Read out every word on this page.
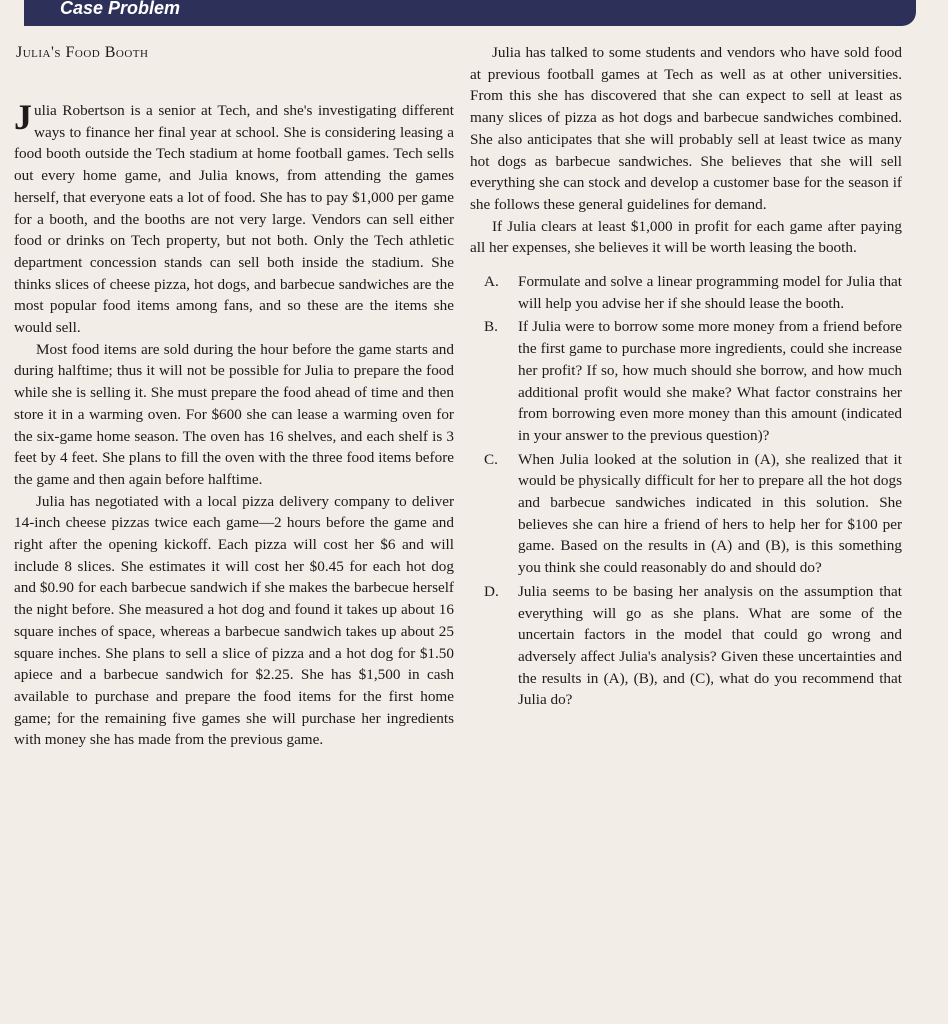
Case Problem
Julia's Food Booth

Julia Robertson is a senior at Tech, and she's investigating different ways to finance her final year at school. She is considering leasing a food booth outside the Tech stadium at home football games. Tech sells out every home game, and Julia knows, from attending the games herself, that everyone eats a lot of food. She has to pay $1,000 per game for a booth, and the booths are not very large. Vendors can sell either food or drinks on Tech property, but not both. Only the Tech athletic department concession stands can sell both inside the stadium. She thinks slices of cheese pizza, hot dogs, and barbecue sandwiches are the most popular food items among fans, and so these are the items she would sell.

Most food items are sold during the hour before the game starts and during halftime; thus it will not be possible for Julia to prepare the food while she is selling it. She must prepare the food ahead of time and then store it in a warming oven. For $600 she can lease a warming oven for the six-game home season. The oven has 16 shelves, and each shelf is 3 feet by 4 feet. She plans to fill the oven with the three food items before the game and then again before halftime.

Julia has negotiated with a local pizza delivery company to deliver 14-inch cheese pizzas twice each game—2 hours before the game and right after the opening kickoff. Each pizza will cost her $6 and will include 8 slices. She estimates it will cost her $0.45 for each hot dog and $0.90 for each barbecue sandwich if she makes the barbecue herself the night before. She measured a hot dog and found it takes up about 16 square inches of space, whereas a barbecue sandwich takes up about 25 square inches. She plans to sell a slice of pizza and a hot dog for $1.50 apiece and a barbecue sandwich for $2.25. She has $1,500 in cash available to purchase and prepare the food items for the first home game; for the remaining five games she will purchase her ingredients with money she has made from the previous game.

Julia has talked to some students and vendors who have sold food at previous football games at Tech as well as at other universities. From this she has discovered that she can expect to sell at least as many slices of pizza as hot dogs and barbecue sandwiches combined. She also anticipates that she will probably sell at least twice as many hot dogs as barbecue sandwiches. She believes that she will sell everything she can stock and develop a customer base for the season if she follows these general guidelines for demand.

If Julia clears at least $1,000 in profit for each game after paying all her expenses, she believes it will be worth leasing the booth.

A. Formulate and solve a linear programming model for Julia that will help you advise her if she should lease the booth.
B. If Julia were to borrow some more money from a friend before the first game to purchase more ingredients, could she increase her profit? If so, how much should she borrow, and how much additional profit would she make? What factor constrains her from borrowing even more money than this amount (indicated in your answer to the previous question)?
C. When Julia looked at the solution in (A), she realized that it would be physically difficult for her to prepare all the hot dogs and barbecue sandwiches indicated in this solution. She believes she can hire a friend of hers to help her for $100 per game. Based on the results in (A) and (B), is this something you think she could reasonably do and should do?
D. Julia seems to be basing her analysis on the assumption that everything will go as she plans. What are some of the uncertain factors in the model that could go wrong and adversely affect Julia's analysis? Given these uncertainties and the results in (A), (B), and (C), what do you recommend that Julia do?
